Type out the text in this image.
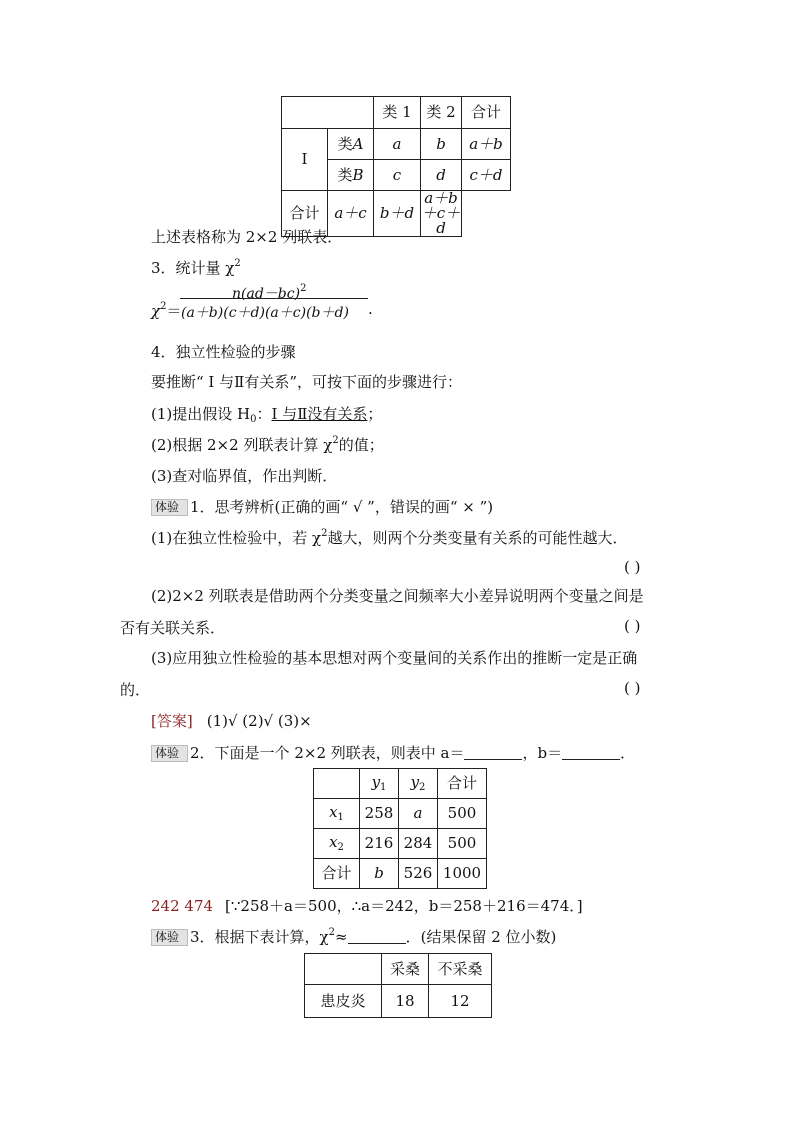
		类 1	类 2	合计
I	类A	a	b	a＋b
	类B	c	d	c＋d
合计	a＋c	b＋d	a＋b＋c＋d	
上述表格称为 2×2 列联表．
3．统计量 $\chi^2$
$\chi^2=$
$n(ad-bc)^2$
(a＋b)(c＋d)(a＋c)(b＋d) .
4．独立性检验的步骤
要推断“ I 与Ⅱ有关系”，可按下面的步骤进行：
(1)提出假设 $H_0$：I 与Ⅱ没有关系；
(2)根据 2×2 列联表计算 $\chi^2$的值；
(3)查对临界值，作出判断．
体验 1．思考辨析(正确的画“ √ ”，错误的画“ × ”)
(1)在独立性检验中，若 $\chi^2$越大，则两个分类变量有关系的可能性越大．
( )
(2)2×2 列联表是借助两个分类变量之间频率大小差异说明两个变量之间是
否有关联关系．	( )
(3)应用独立性检验的基本思想对两个变量间的关系作出的推断一定是正确
的．	( )
[答案] (1)√ (2)√ (3)×
体验 2．下面是一个 2×2 列联表，则表中 a＝	，b＝	．
	$y_1$	$y_2$	合计
$x_1$	258	a	500
$x_2$	216	284	500
合计	b	526	1000
242 474 [∵258＋a＝500，∴a＝242，b＝258＋216＝474．]
体验 3．根据下表计算，$\chi^2\approx$	．(结果保留 2 位小数)
	采桑	不采桑
患皮炎	18	12
